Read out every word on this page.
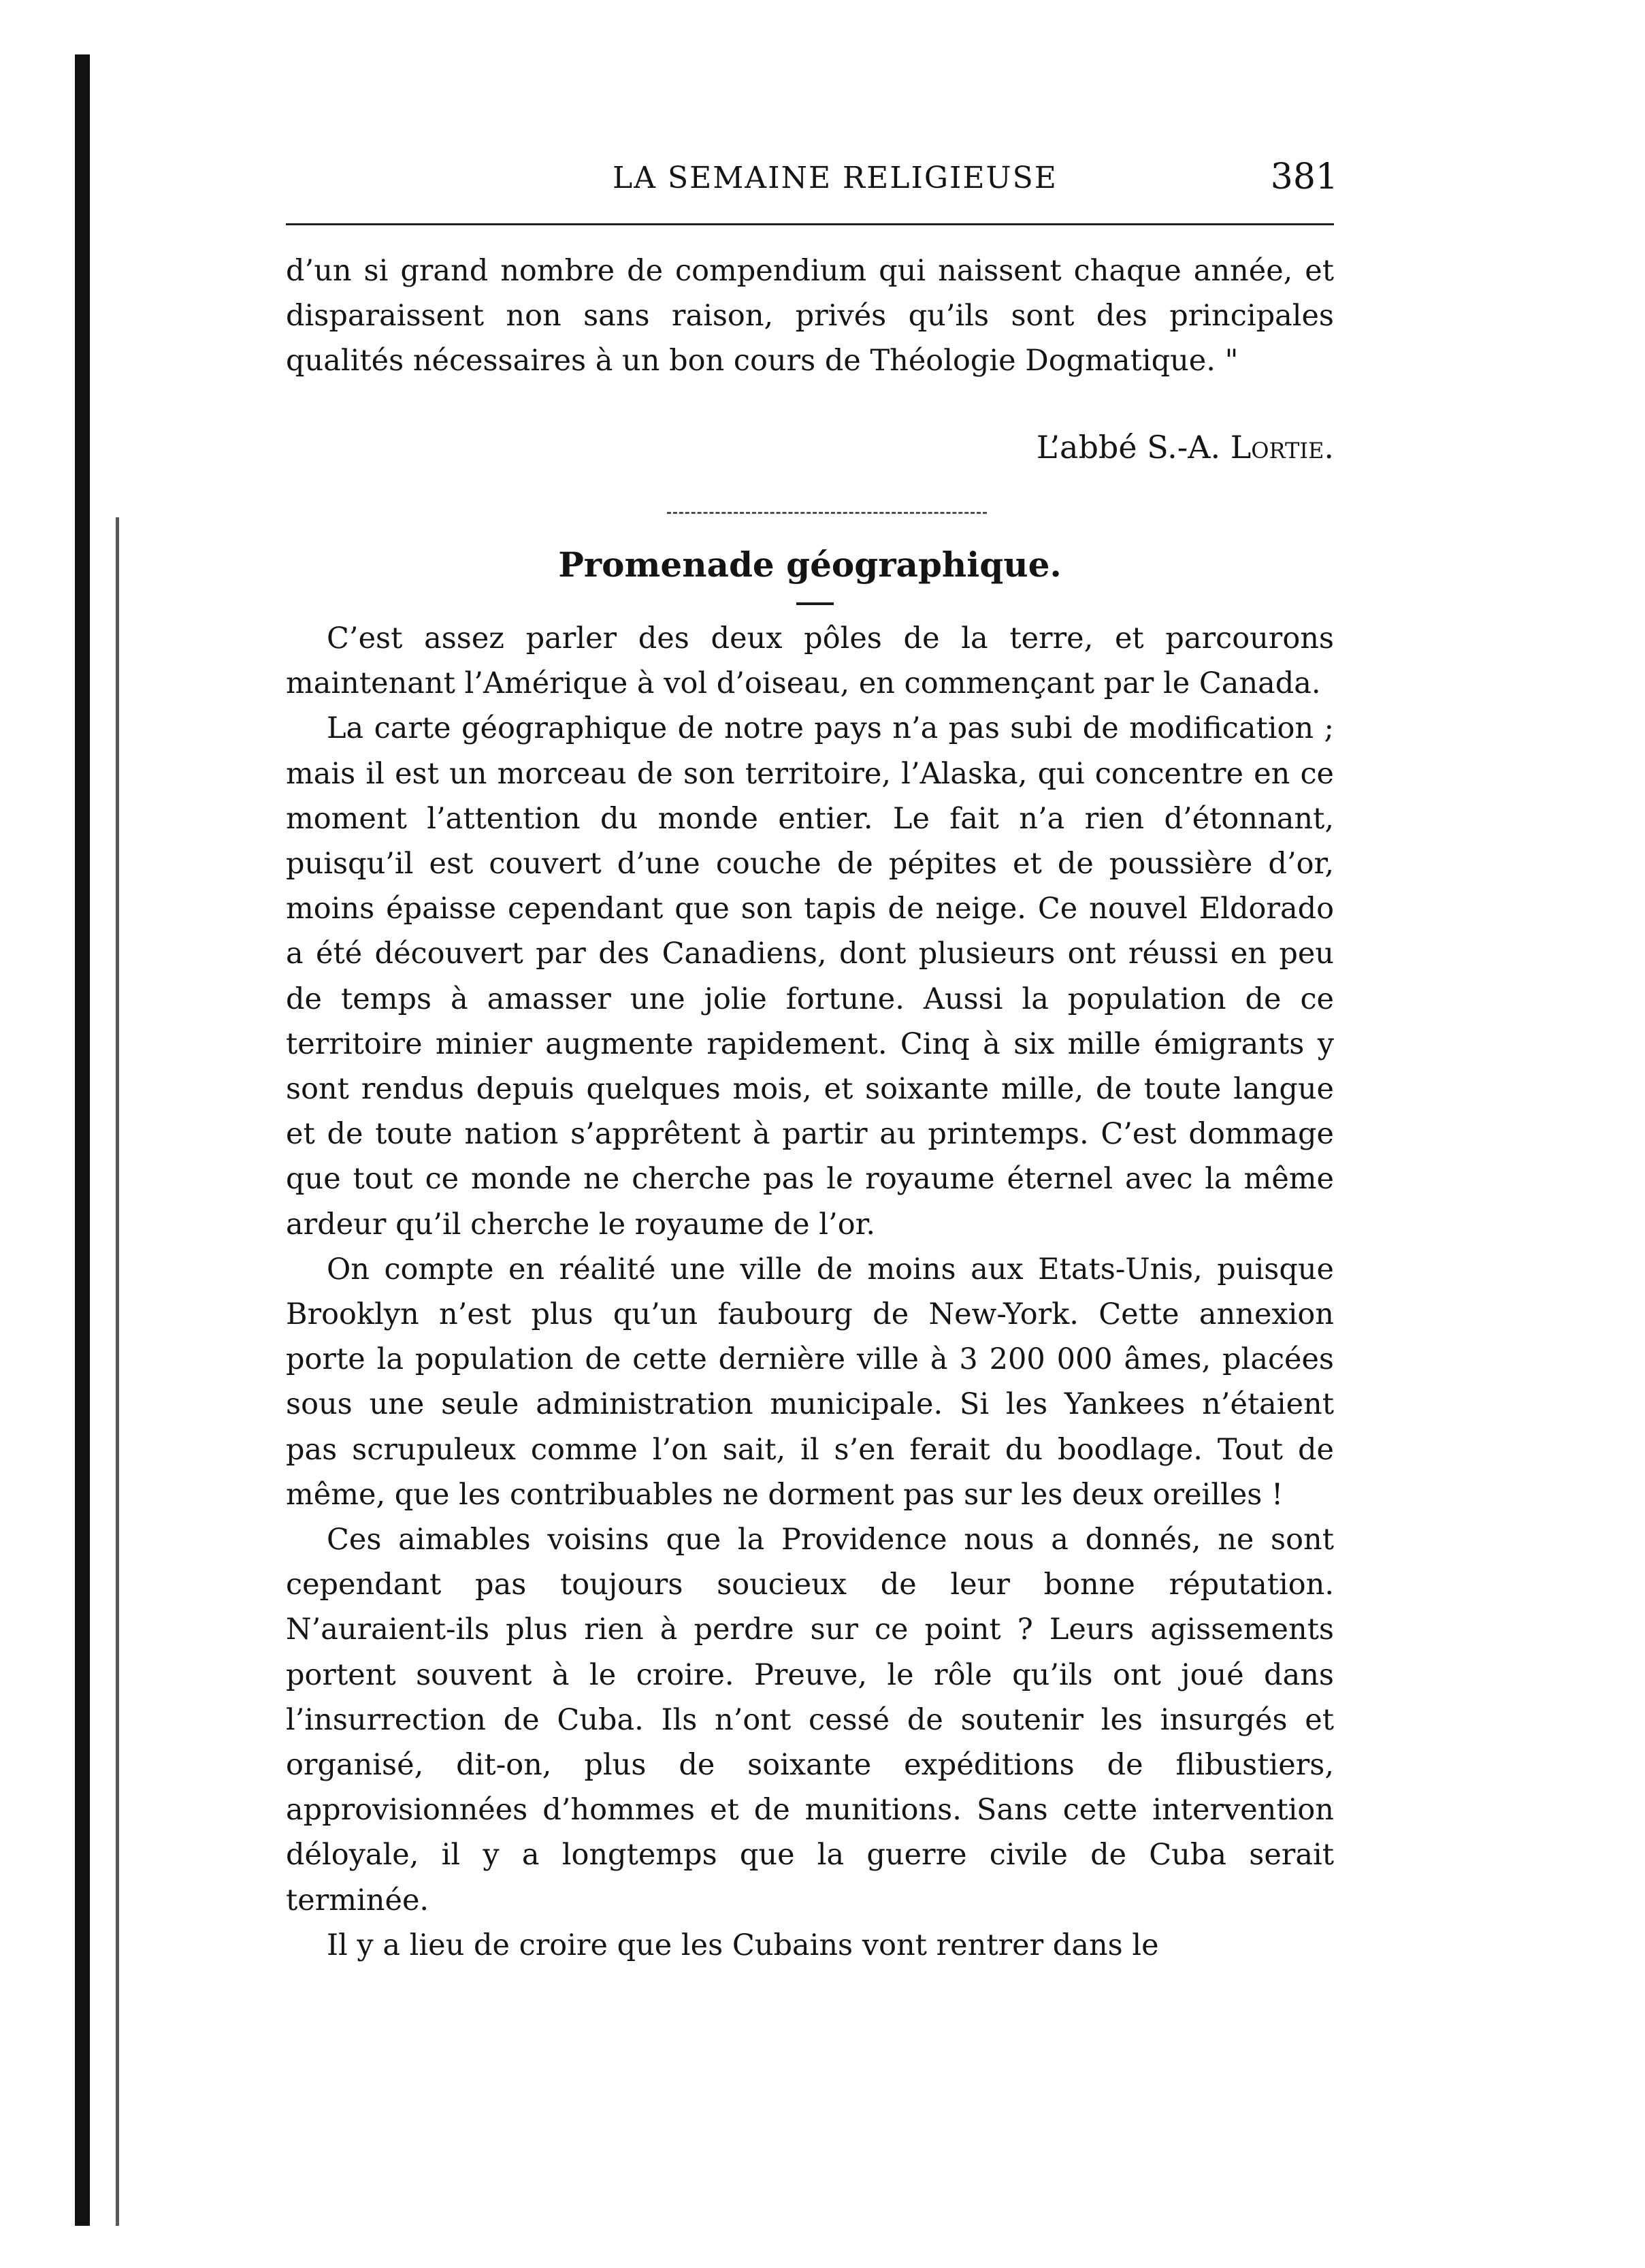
LA SEMAINE RELIGIEUSE	381

d’un si grand nombre de compendium qui naissent chaque année, et disparaissent non sans raison, privés qu’ils sont des principales qualités nécessaires à un bon cours de Théologie Dogmatique. "

L’abbé S.-A. Lortie.
Promenade géographique.

C’est assez parler des deux pôles de la terre, et parcourons maintenant l’Amérique à vol d’oiseau, en commençant par le Canada.

La carte géographique de notre pays n’a pas subi de modification ; mais il est un morceau de son territoire, l’Alaska, qui concentre en ce moment l’attention du monde entier. Le fait n’a rien d’étonnant, puisqu’il est couvert d’une couche de pépites et de poussière d’or, moins épaisse cependant que son tapis de neige. Ce nouvel Eldorado a été découvert par des Canadiens, dont plusieurs ont réussi en peu de temps à amasser une jolie fortune. Aussi la population de ce territoire minier augmente rapidement. Cinq à six mille émigrants y sont rendus depuis quelques mois, et soixante mille, de toute langue et de toute nation s’apprêtent à partir au printemps. C’est dommage que tout ce monde ne cherche pas le royaume éternel avec la même ardeur qu’il cherche le royaume de l’or.

On compte en réalité une ville de moins aux Etats-Unis, puisque Brooklyn n’est plus qu’un faubourg de New-York. Cette annexion porte la population de cette dernière ville à 3 200 000 âmes, placées sous une seule administration municipale. Si les Yankees n’étaient pas scrupuleux comme l’on sait, il s’en ferait du boodlage. Tout de même, que les contribuables ne dorment pas sur les deux oreilles !

Ces aimables voisins que la Providence nous a donnés, ne sont cependant pas toujours soucieux de leur bonne réputation. N’auraient-ils plus rien à perdre sur ce point ? Leurs agissements portent souvent à le croire. Preuve, le rôle qu’ils ont joué dans l’insurrection de Cuba. Ils n’ont cessé de soutenir les insurgés et organisé, dit-on, plus de soixante expéditions de flibustiers, approvisionnées d’hommes et de munitions. Sans cette intervention déloyale, il y a longtemps que la guerre civile de Cuba serait terminée.

Il y a lieu de croire que les Cubains vont rentrer dans le
